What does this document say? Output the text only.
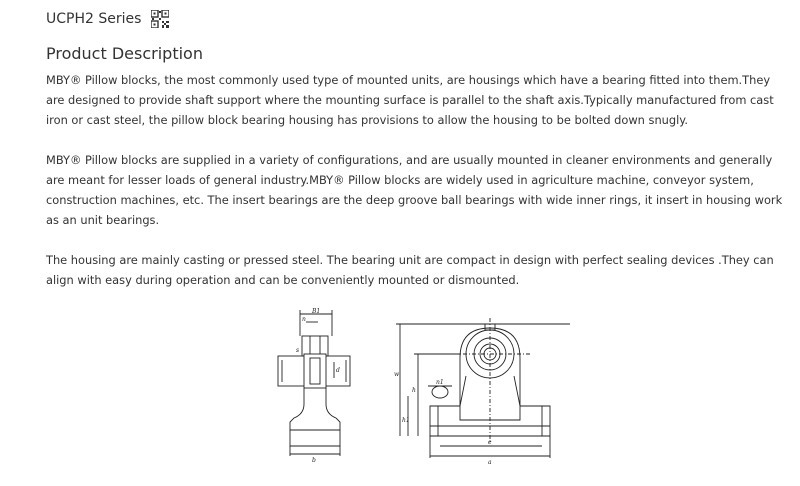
UCPH2 Series
Product Description

MBY® Pillow blocks, the most commonly used type of mounted units, are housings which have a bearing fitted into them.They are designed to provide shaft support where the mounting surface is parallel to the shaft axis.Typically manufactured from cast iron or cast steel, the pillow block bearing housing has provisions to allow the housing to be bolted down snugly.

MBY® Pillow blocks are supplied in a variety of configurations, and are usually mounted in cleaner environments and generally are meant for lesser loads of general industry.MBY® Pillow blocks are widely used in agriculture machine, conveyor system, construction machines, etc. The insert bearings are the deep groove ball bearings with wide inner rings, it insert in housing work as an unit bearings.

The housing are mainly casting or pressed steel. The bearing unit are compact in design with perfect sealing devices .They can align with easy during operation and can be conveniently mounted or dismounted.

B1
n
s
d
b
w
h
h1
n1
e
a
